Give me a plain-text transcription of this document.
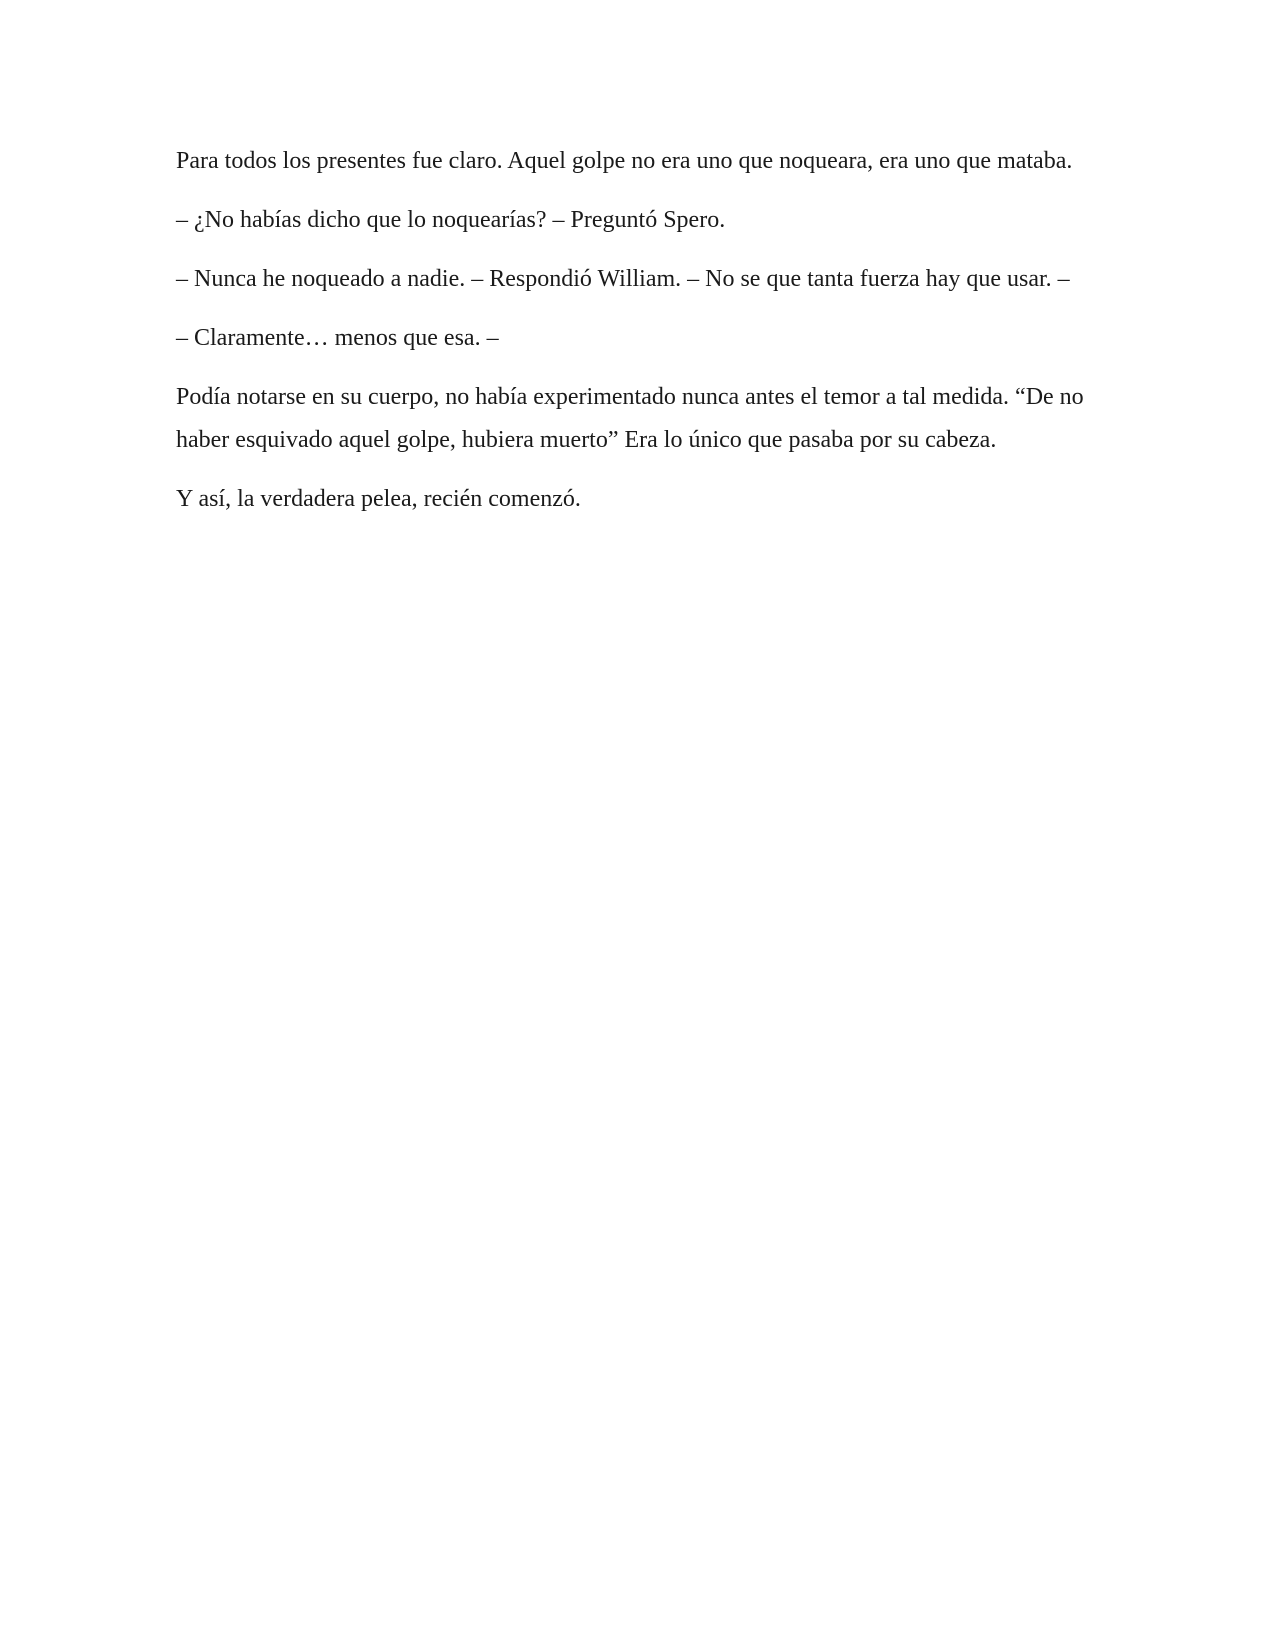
Para todos los presentes fue claro. Aquel golpe no era uno que noqueara, era uno que mataba.

– ¿No habías dicho que lo noquearías? – Preguntó Spero.

– Nunca he noqueado a nadie. – Respondió William. – No se que tanta fuerza hay que usar. –

– Claramente… menos que esa. –

Podía notarse en su cuerpo, no había experimentado nunca antes el temor a tal medida. “De no haber esquivado aquel golpe, hubiera muerto” Era lo único que pasaba por su cabeza.

Y así, la verdadera pelea, recién comenzó.
